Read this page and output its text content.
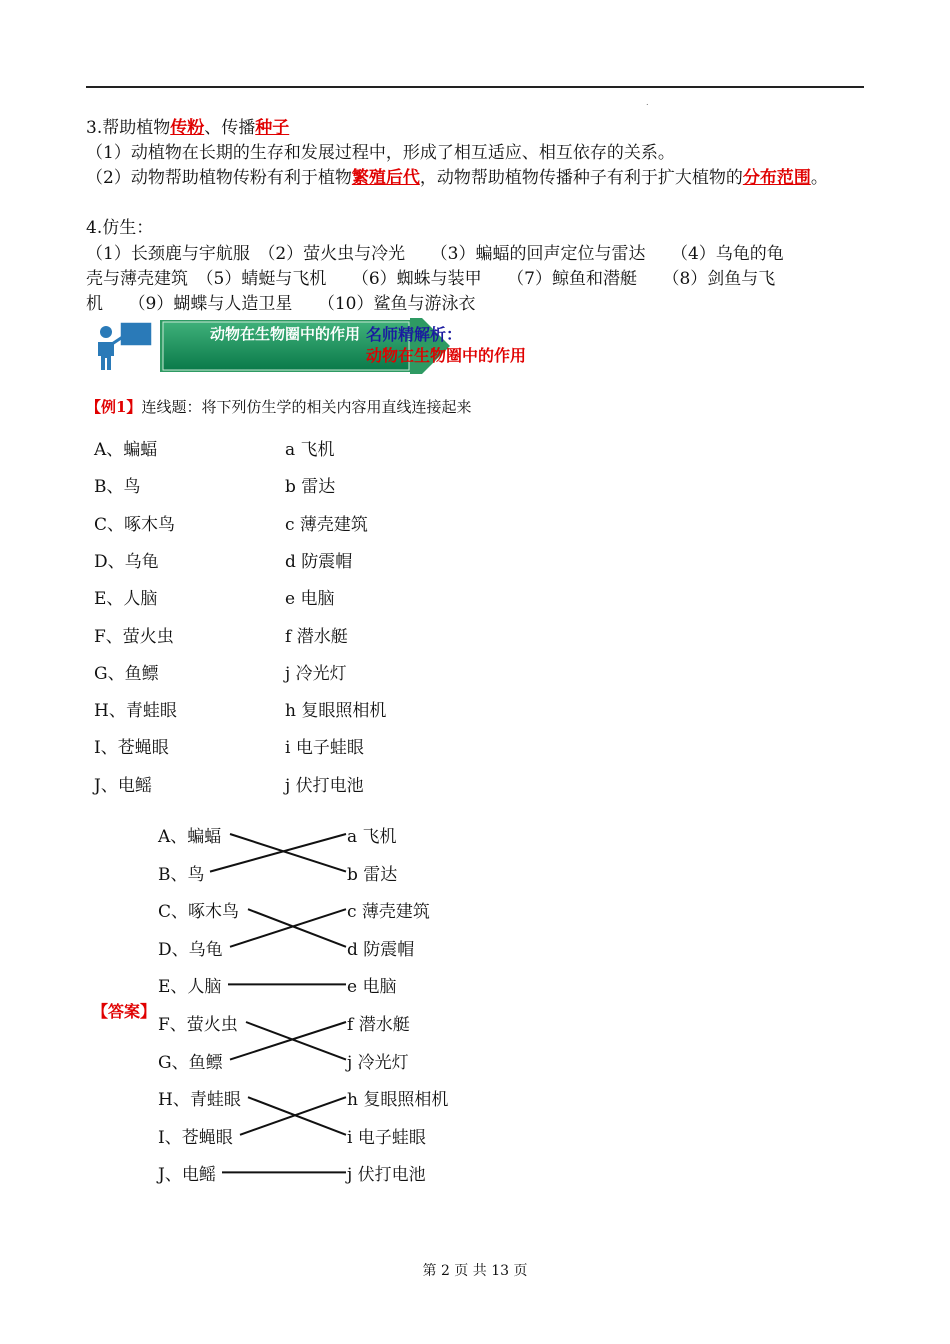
.
3.帮助植物传粉、传播种子
（1）动植物在长期的生存和发展过程中，形成了相互适应、相互依存的关系。
（2）动物帮助植物传粉有利于植物繁殖后代，动物帮助植物传播种子有利于扩大植物的分布范围。
4.仿生：
（1）长颈鹿与宇航服　（2）萤火虫与冷光　　（3）蝙蝠的回声定位与雷达　　（4）乌龟的龟
壳与薄壳建筑　（5）蜻蜓与飞机　　（6）蜘蛛与装甲　　（7）鲸鱼和潜艇　　（8）剑鱼与飞
机　　（9）蝴蝶与人造卫星　　（10）鲨鱼与游泳衣
动物在生物圈中的作用 名师精解析：
动物在生物圈中的作用
【例1】连线题：将下列仿生学的相关内容用直线连接起来
A、蝙蝠	a 飞机
B、鸟	b 雷达
C、啄木鸟	c 薄壳建筑
D、乌龟	d 防震帽
E、人脑	e 电脑
F、萤火虫	f 潜水艇
G、鱼鳔	j 冷光灯
H、青蛙眼	h 复眼照相机
I、苍蝇眼	i 电子蛙眼
J、电鳐	j 伏打电池
【答案】
A、蝙蝠	a 飞机
B、鸟	b 雷达
C、啄木鸟	c 薄壳建筑
D、乌龟	d 防震帽
E、人脑	e 电脑
F、萤火虫	f 潜水艇
G、鱼鳔	j 冷光灯
H、青蛙眼	h 复眼照相机
I、苍蝇眼	i 电子蛙眼
J、电鳐	j 伏打电池
第 2 页 共 13 页
